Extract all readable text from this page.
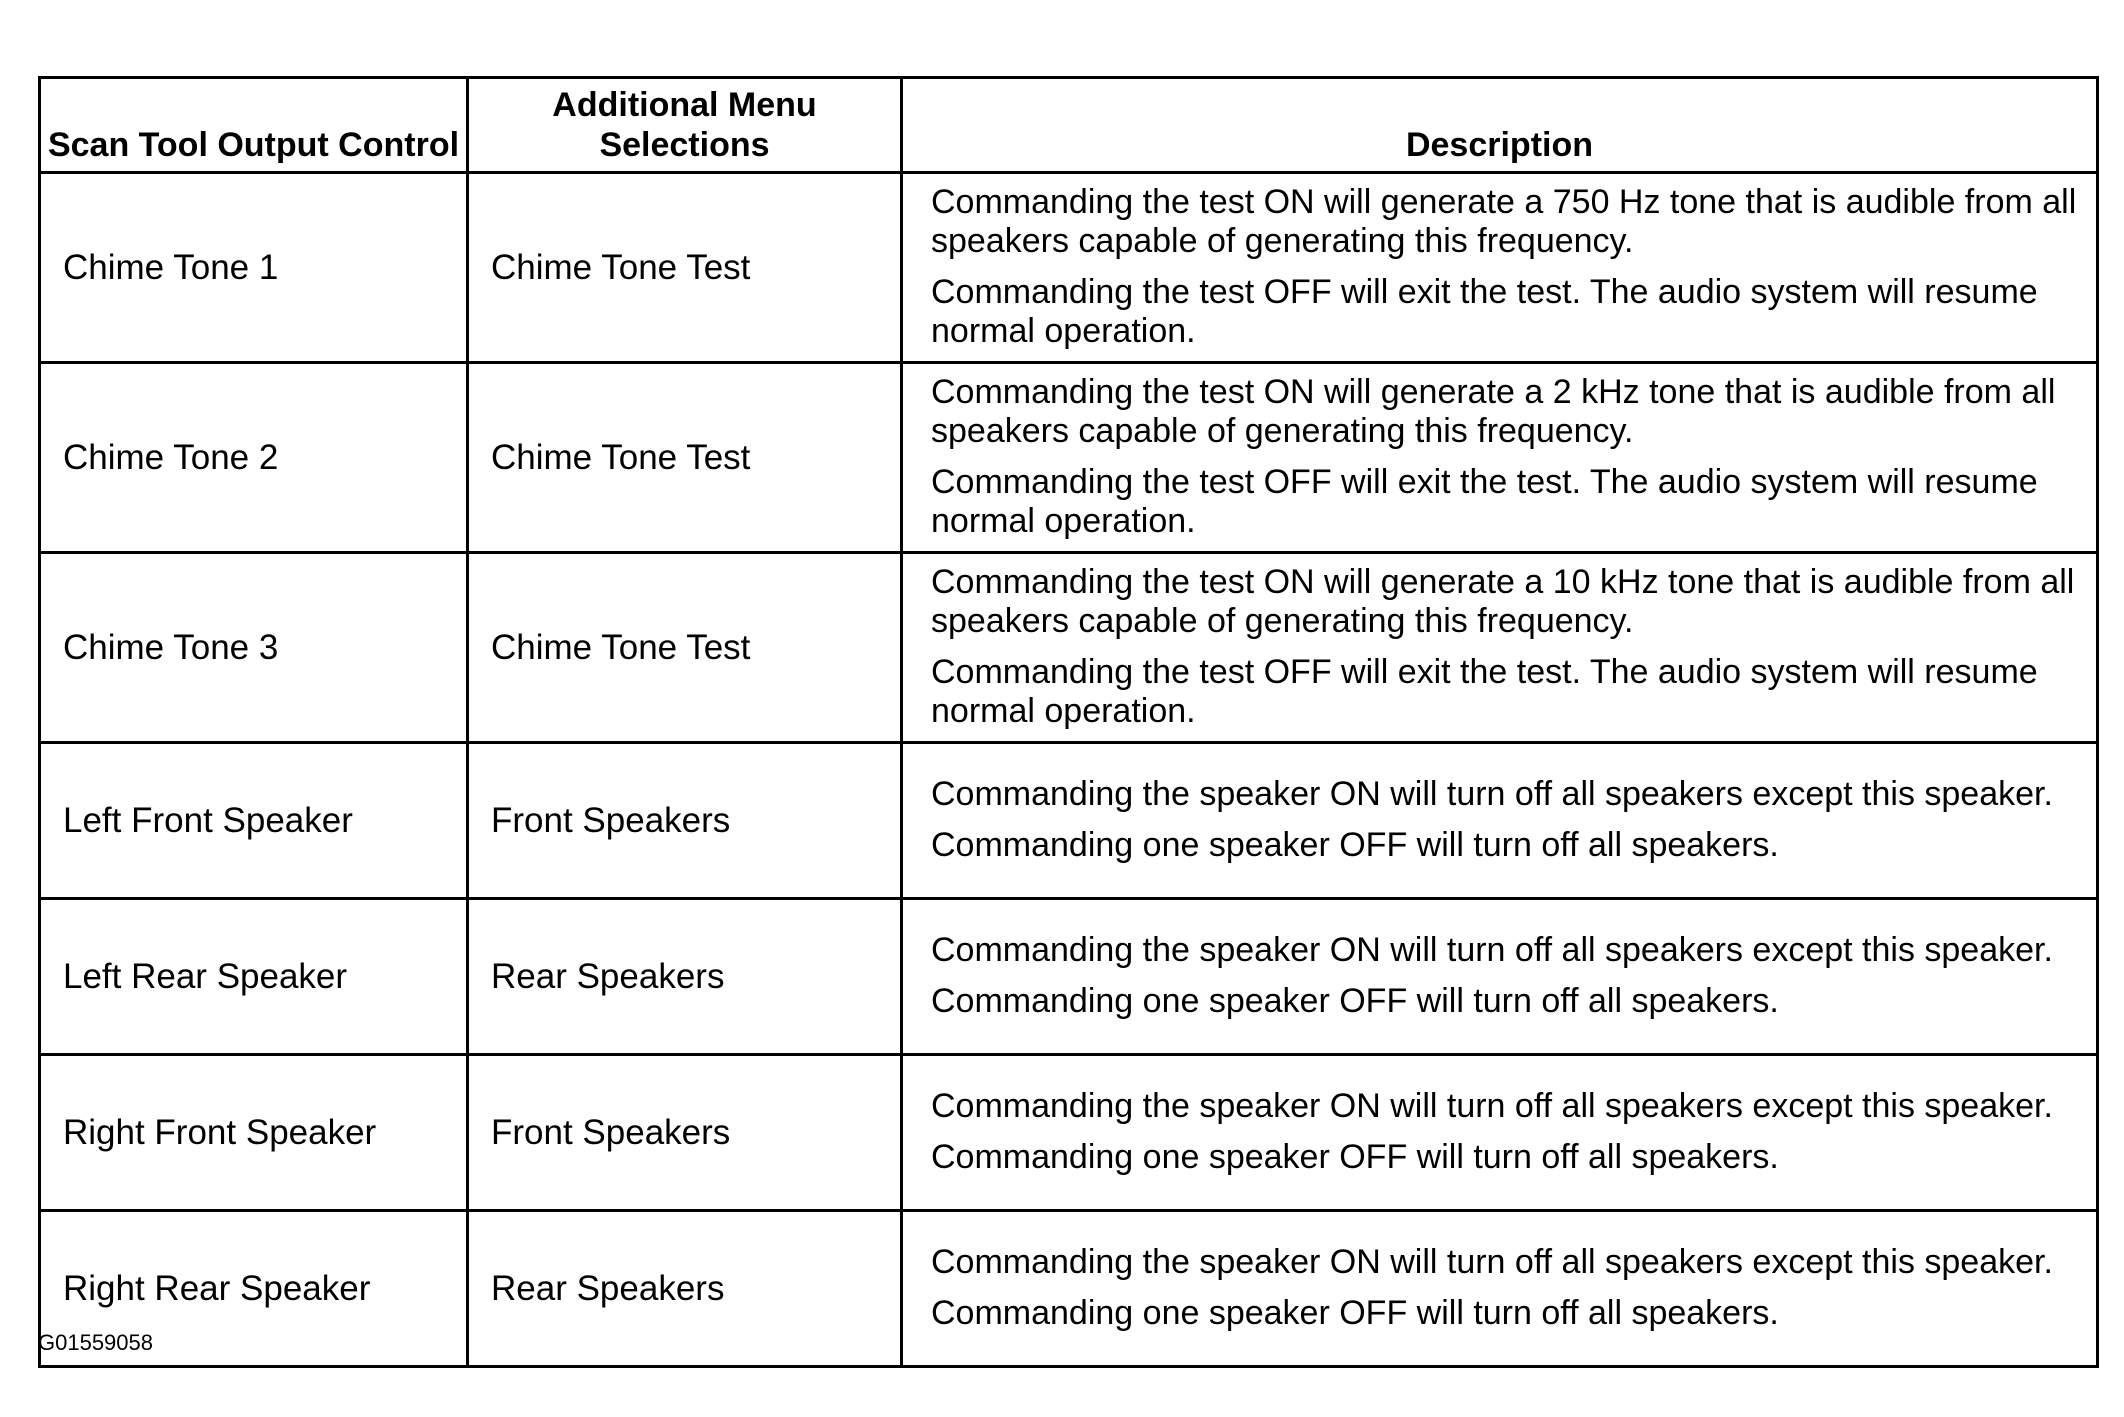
Scan Tool Output Control	Additional Menu Selections	Description

Chime Tone 1	Chime Tone Test	Commanding the test ON will generate a 750 Hz tone that is audible from all speakers capable of generating this frequency.

Commanding the test OFF will exit the test. The audio system will resume normal operation.

Chime Tone 2	Chime Tone Test	Commanding the test ON will generate a 2 kHz tone that is audible from all speakers capable of generating this frequency.

Commanding the test OFF will exit the test. The audio system will resume normal operation.

Chime Tone 3	Chime Tone Test	Commanding the test ON will generate a 10 kHz tone that is audible from all speakers capable of generating this frequency.

Commanding the test OFF will exit the test. The audio system will resume normal operation.

Left Front Speaker	Front Speakers	Commanding the speaker ON will turn off all speakers except this speaker.

Commanding one speaker OFF will turn off all speakers.

Left Rear Speaker	Rear Speakers	Commanding the speaker ON will turn off all speakers except this speaker.

Commanding one speaker OFF will turn off all speakers.

Right Front Speaker	Front Speakers	Commanding the speaker ON will turn off all speakers except this speaker.

Commanding one speaker OFF will turn off all speakers.

Right Rear Speaker	Rear Speakers	Commanding the speaker ON will turn off all speakers except this speaker.

Commanding one speaker OFF will turn off all speakers.

G01559058
